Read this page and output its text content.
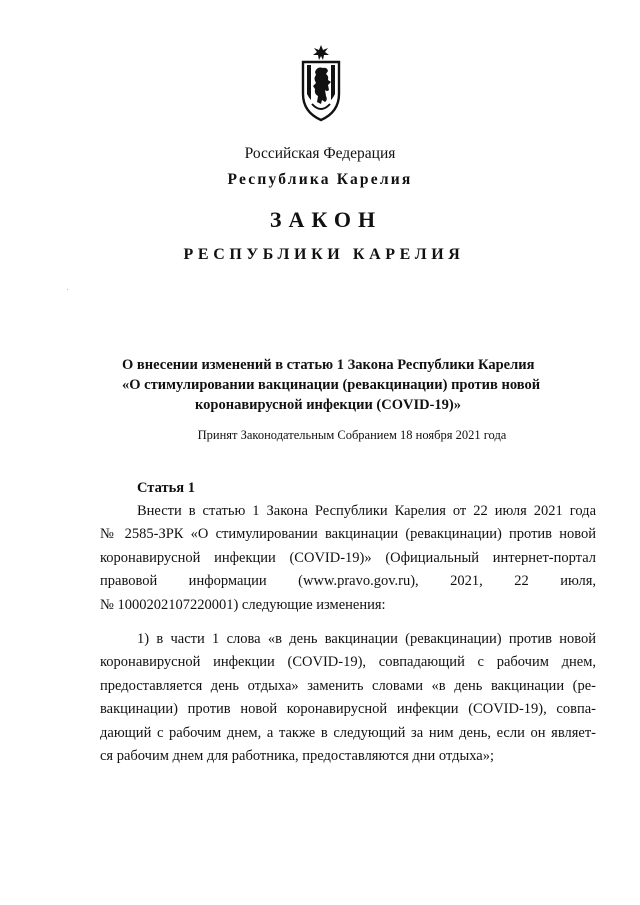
Российская Федерация
Республика Карелия
ЗАКОН
РЕСПУБЛИКИ КАРЕЛИЯ
О внесении изменений в статью 1 Закона Республики Карелия
«О стимулировании вакцинации (ревакцинации) против новой
коронавирусной инфекции (COVID-19)»
Принят Законодательным Собранием 18 ноября 2021 года
Статья 1
Внести в статью 1 Закона Республики Карелия от 22 июля 2021 года
№ 2585-ЗРК «О стимулировании вакцинации (ревакцинации) против новой
коронавирусной инфекции (COVID-19)» (Официальный интернет-портал
правовой информации (www.pravo.gov.ru), 2021, 22 июля,
№ 1000202107220001) следующие изменения:
1) в части 1 слова «в день вакцинации (ревакцинации) против новой
коронавирусной инфекции (COVID-19), совпадающий с рабочим днем,
предоставляется день отдыха» заменить словами «в день вакцинации (ре-
вакцинации) против новой коронавирусной инфекции (COVID-19), совпа-
дающий с рабочим днем, а также в следующий за ним день, если он являет-
ся рабочим днем для работника, предоставляются дни отдыха»;
